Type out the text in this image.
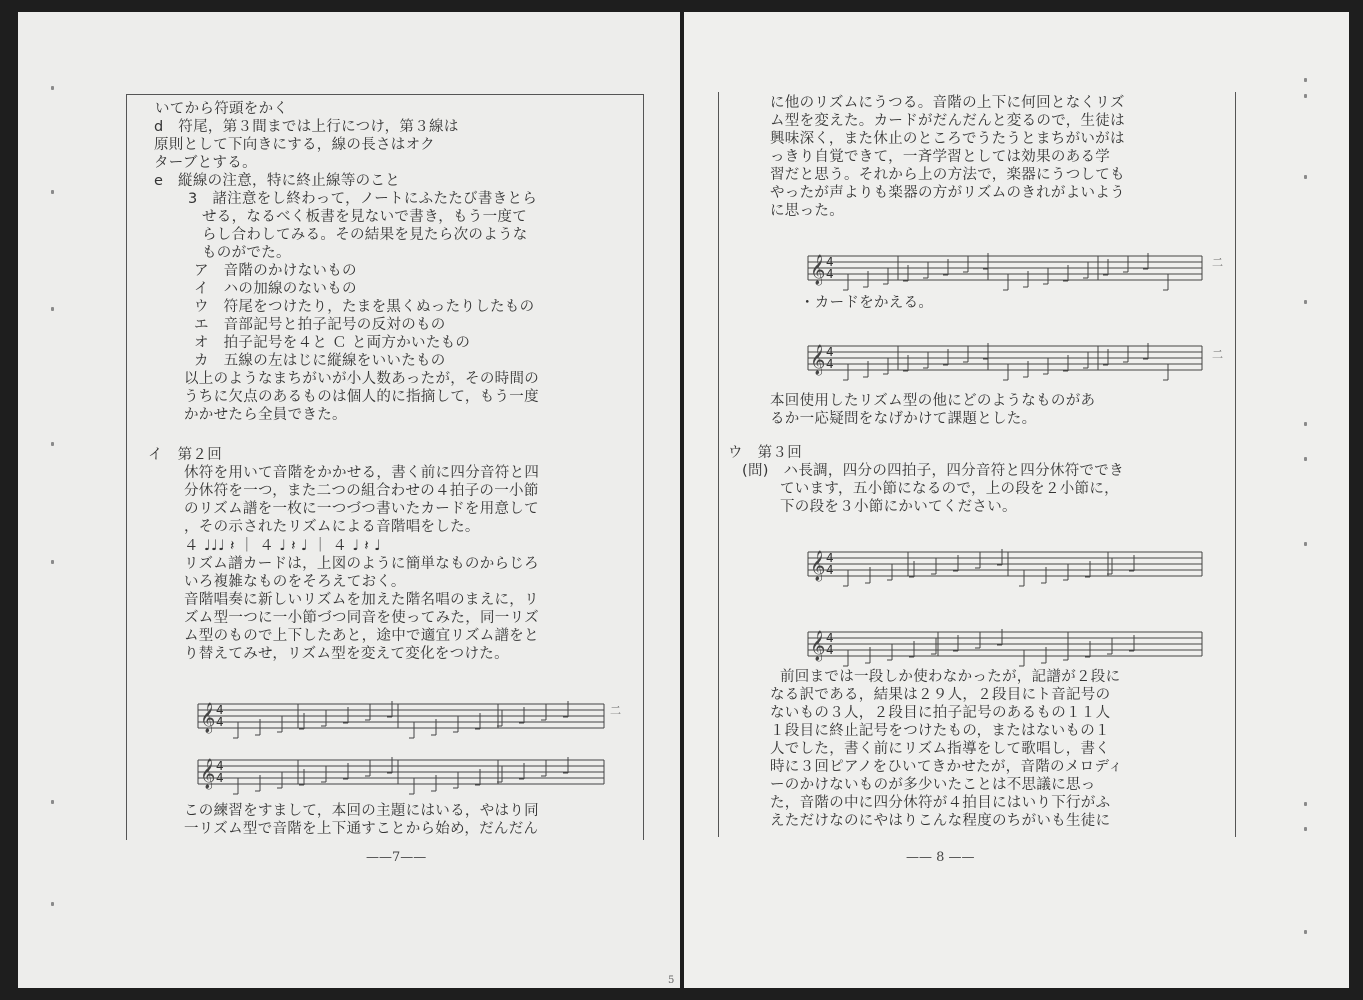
いてから符頭をかく
d　符尾，第３間までは上行につけ，第３線は
原則として下向きにする，線の長さはオク
ターブとする。
e　縦線の注意，特に終止線等のこと
3　諸注意をし終わって，ノートにふたたび書きとら
せる，なるべく板書を見ないで書き，もう一度て
らし合わしてみる。その結果を見たら次のような
ものがでた。
ア　音階のかけないもの
イ　ハの加線のないもの
ウ　符尾をつけたり，たまを黒くぬったりしたもの
エ　音部記号と拍子記号の反対のもの
オ　拍子記号を４と Ｃ と両方かいたもの
カ　五線の左はじに縦線をいいたもの
以上のようなまちがいが小人数あったが，その時間の
うちに欠点のあるものは個人的に指摘して，もう一度
かかせたら全員できた。
イ　第２回
休符を用いて音階をかかせる，書く前に四分音符と四
分休符を一つ，また二つの組合わせの４拍子の一小節
のリズム譜を一枚に一つづつ書いたカードを用意して
，その示されたリズムによる音階唱をした。
４ ♩♩♩ 𝄽 ｜ ４ ♩ 𝄽 ♩ ｜ ４ ♩ 𝄽 ♩
リズム譜カードは，上図のように簡単なものからじろ
いろ複雑なものをそろえておく。
音階唱奏に新しいリズムを加えた階名唱のまえに，リ
ズム型一つに一小節づつ同音を使ってみた，同一リズ
ム型のもので上下したあと，途中で適宜リズム譜をと
り替えてみせ，リズム型を変えて変化をつけた。
この練習をすまして，本回の主題にはいる，やはり同
一リズム型で音階を上下通すことから始め，だんだん
𝄞 4
4
𝄞 4
4
㆓
——7——
に他のリズムにうつる。音階の上下に何回となくリズ
ム型を変えた。カードがだんだんと変るので，生徒は
興味深く，また休止のところでうたうとまちがいがは
っきり自覚できて，一斉学習としては効果のある学
習だと思う。それから上の方法で，楽器にうつしても
やったが声よりも楽器の方がリズムのきれがよいよう
に思った。
・カードをかえる。
本回使用したリズム型の他にどのようなものがあ
るか一応疑問をなげかけて課題とした。
ウ　第３回
(問)　ハ長調，四分の四拍子，四分音符と四分休符ででき
ています，五小節になるので，上の段を２小節に，
下の段を３小節にかいてください。
前回までは一段しか使わなかったが，記譜が２段に
なる訳である，結果は２９人，２段目にト音記号の
ないもの３人，２段目に拍子記号のあるもの１１人
１段目に終止記号をつけたもの，またはないもの１
人でした，書く前にリズム指導をして歌唱し，書く
時に３回ピアノをひいてきかせたが，音階のメロディ
ーのかけないものが多少いたことは不思議に思っ
た，音階の中に四分休符が４拍目にはいり下行がふ
えただけなのにやはりこんな程度のちがいも生徒に
𝄞 4
4
𝄞 4
4
㆓
㆓
𝄞 4
4
𝄞 4
4
—— 8 ——
5
